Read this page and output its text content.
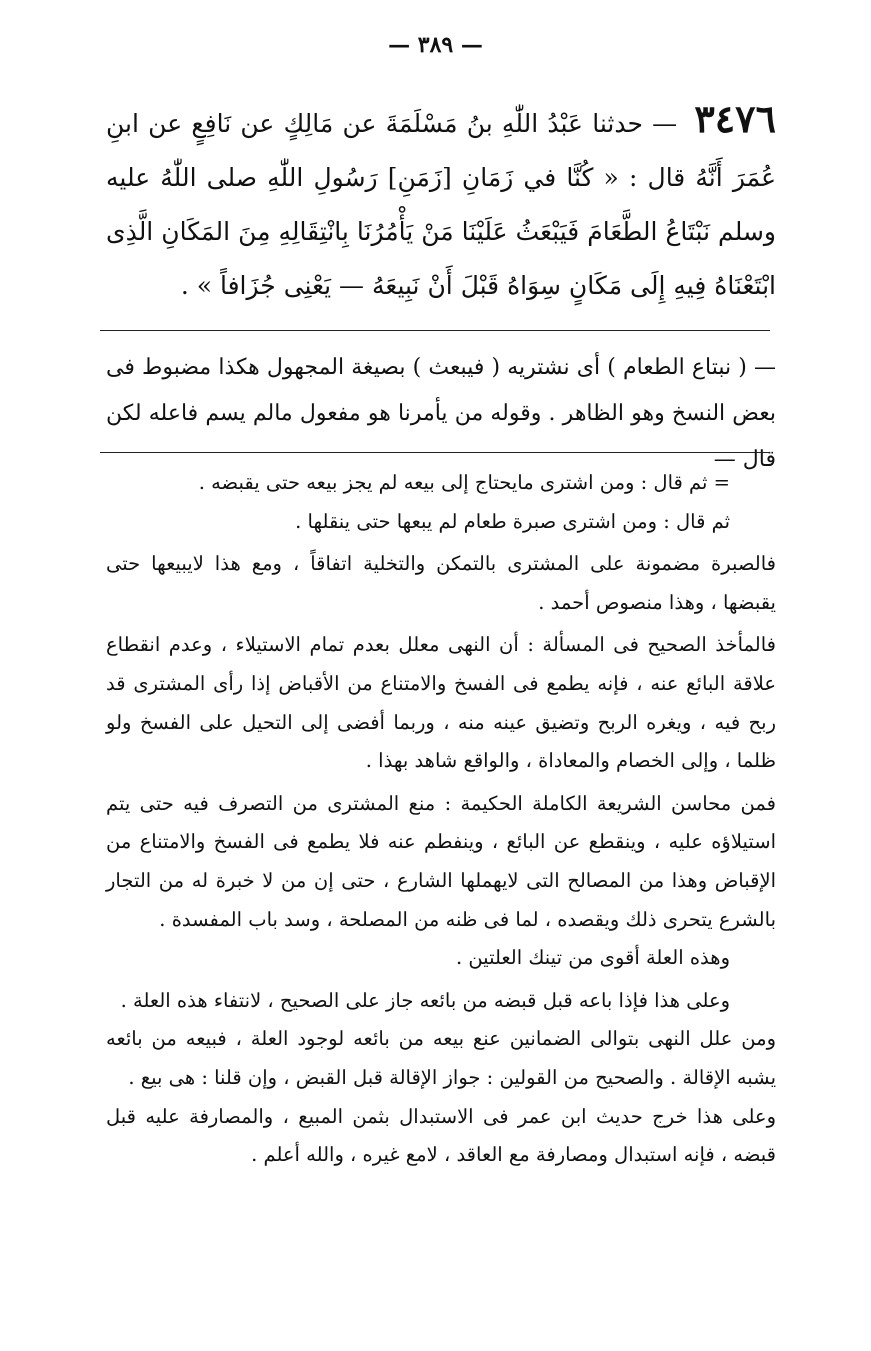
— ٣٨٩ —
٣٤٧٦ — حدثنا عَبْدُ اللّٰهِ بنُ مَسْلَمَةَ عن مَالِكٍ عن نَافِعٍ عن ابنِ عُمَرَ أَنَّهُ قال : « كُنَّا في زَمَانِ [زَمَنِ] رَسُولِ اللّٰهِ صلى اللّٰهُ عليه وسلم نَبْتَاعُ الطَّعَامَ فَيَبْعَثُ عَلَيْنَا مَنْ يَأْمُرُنَا بِانْتِقَالِهِ مِنَ المَكَانِ الَّذِى ابْتَعْنَاهُ فِيهِ إِلَى مَكَانٍ سِوَاهُ قَبْلَ أَنْ نَبِيعَهُ — يَعْنِى جُزَافاً » .
— ( نبتاع الطعام ) أى نشتريه ( فيبعث ) بصيغة المجهول هكذا مضبوط فى بعض النسخ وهو الظاهر . وقوله من يأمرنا هو مفعول مالم يسم فاعله لكن قال —

= ثم قال : ومن اشترى مايحتاج إلى بيعه لم يجز بيعه حتى يقبضه .

ثم قال : ومن اشترى صبرة طعام لم يبعها حتى ينقلها .

فالصبرة مضمونة على المشترى بالتمكن والتخلية اتفاقاً ، ومع هذا لايبيعها حتى يقبضها ، وهذا منصوص أحمد .

فالمأخذ الصحيح فى المسألة : أن النهى معلل بعدم تمام الاستيلاء ، وعدم انقطاع علاقة البائع عنه ، فإنه يطمع فى الفسخ والامتناع من الأقباض إذا رأى المشترى قد ربح فيه ، ويغره الربح وتضيق عينه منه ، وربما أفضى إلى التحيل على الفسخ ولو ظلما ، وإلى الخصام والمعاداة ، والواقع شاهد بهذا .

فمن محاسن الشريعة الكاملة الحكيمة : منع المشترى من التصرف فيه حتى يتم استيلاؤه عليه ، وينقطع عن البائع ، وينفطم عنه فلا يطمع فى الفسخ والامتناع من الإقباض وهذا من المصالح التى لايهملها الشارع ، حتى إن من لا خبرة له من التجار بالشرع يتحرى ذلك ويقصده ، لما فى ظنه من المصلحة ، وسد باب المفسدة .

وهذه العلة أقوى من تينك العلتين .

وعلى هذا فإذا باعه قبل قبضه من بائعه جاز على الصحيح ، لانتفاء هذه العلة .

ومن علل النهى بتوالى الضمانين عنع بيعه من بائعه لوجود العلة ، فبيعه من بائعه يشبه الإقالة . والصحيح من القولين : جواز الإقالة قبل القبض ، وإن قلنا : هى بيع .

وعلى هذا خرج حديث ابن عمر فى الاستبدال بثمن المبيع ، والمصارفة عليه قبل قبضه ، فإنه استبدال ومصارفة مع العاقد ، لامع غيره ، والله أعلم .
